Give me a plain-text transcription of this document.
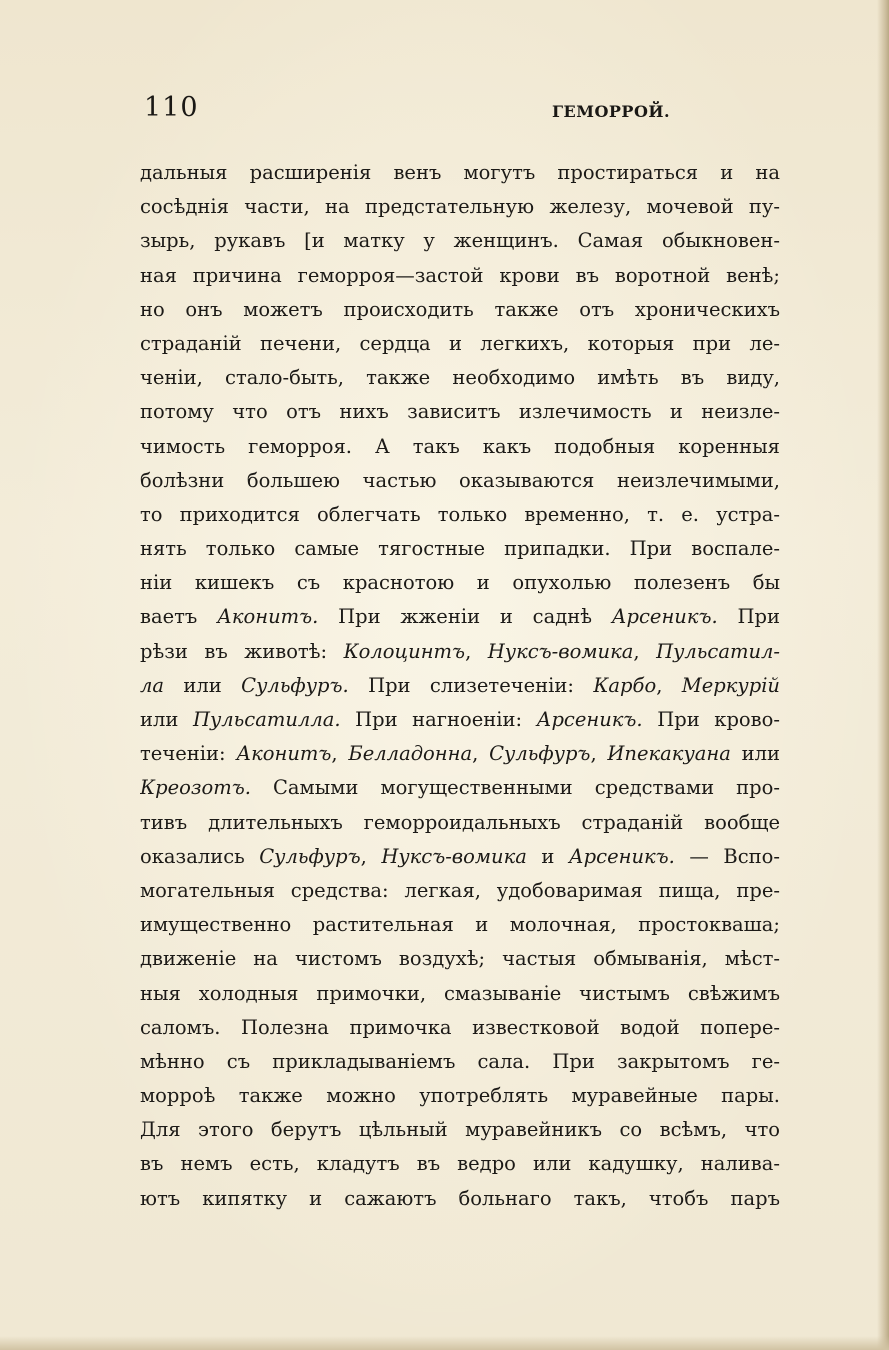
110	ГЕМОРРОЙ.
дальныя расширенія венъ могутъ простираться и на
сосѣднія части, на предстательную железу, мочевой пу-
зырь, рукавъ [и матку у женщинъ. Самая обыкновен-
ная причина геморроя—застой крови въ воротной венѣ;
но онъ можетъ происходить также отъ хроническихъ
страданій печени, сердца и легкихъ, которыя при ле-
ченіи, стало-быть, также необходимо имѣть въ виду,
потому что отъ нихъ зависитъ излечимость и неизле-
чимость геморроя. А такъ какъ подобныя коренныя
болѣзни большею частью оказываются неизлечимыми,
то приходится облегчать только временно, т. е. устра-
нять только самые тягостные припадки. При воспале-
ніи кишекъ съ краснотою и опухолью полезенъ бы
ваетъ Аконитъ. При жженіи и саднѣ Арсеникъ. При
рѣзи въ животѣ: Колоцинтъ, Нуксъ-вомика, Пульсатил-
ла или Сульфуръ. При слизетеченіи: Карбо, Меркурій
или Пульсатилла. При нагноеніи: Арсеникъ. При крово-
теченіи: Аконитъ, Белладонна, Сульфуръ, Ипекакуана или
Креозотъ. Самыми могущественными средствами про-
тивъ длительныхъ геморроидальныхъ страданій вообще
оказались Сульфуръ, Нуксъ-вомика и Арсеникъ. — Вспо-
могательныя средства: легкая, удобоваримая пища, пре-
имущественно растительная и молочная, простокваша;
движеніе на чистомъ воздухѣ; частыя обмыванія, мѣст-
ныя холодныя примочки, смазываніе чистымъ свѣжимъ
саломъ. Полезна примочка известковой водой попере-
мѣнно съ прикладываніемъ сала. При закрытомъ ге-
морроѣ также можно употреблять муравейные пары.
Для этого берутъ цѣльный муравейникъ со всѣмъ, что
въ немъ есть, кладутъ въ ведро или кадушку, налива-
ютъ кипятку и сажаютъ больнаго такъ, чтобъ паръ
